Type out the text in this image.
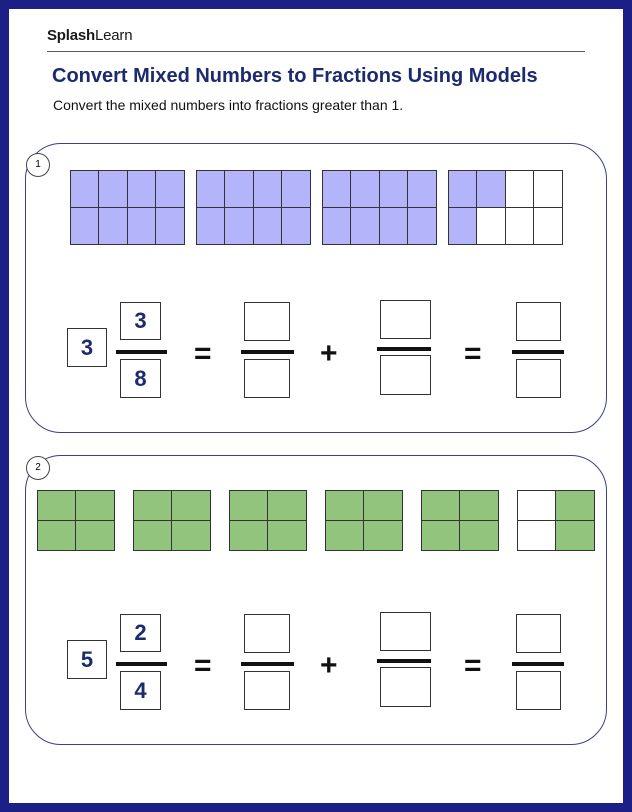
SplashLearn
Convert Mixed Numbers to Fractions Using Models
Convert the mixed numbers into fractions greater than 1.
1
3
3
8
=	+	=
2
5
2
4
=	+	=
